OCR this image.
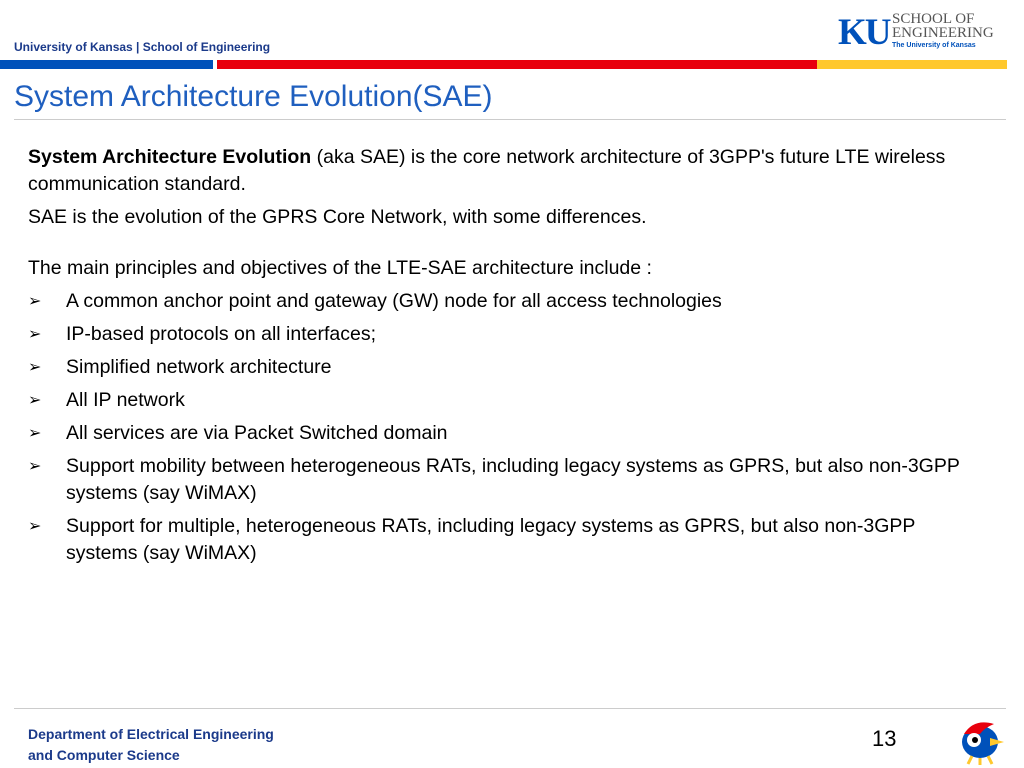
University of Kansas | School of Engineering	KU SCHOOL OF
ENGINEERING
The University of Kansas
System Architecture Evolution(SAE)

System Architecture Evolution (aka SAE) is the core network architecture of 3GPP's future LTE wireless communication standard.

SAE is the evolution of the GPRS Core Network, with some differences.

The main principles and objectives of the LTE-SAE architecture include :

➢ A common anchor point and gateway (GW) node for all access technologies
➢ IP-based protocols on all interfaces;
➢ Simplified network architecture
➢ All IP network
➢ All services are via Packet Switched domain
➢ Support mobility between heterogeneous RATs, including legacy systems as GPRS, but also non-3GPP systems (say WiMAX)
➢ Support for multiple, heterogeneous RATs, including legacy systems as GPRS, but also non-3GPP systems (say WiMAX)
Department of Electrical Engineering
and Computer Science
13
